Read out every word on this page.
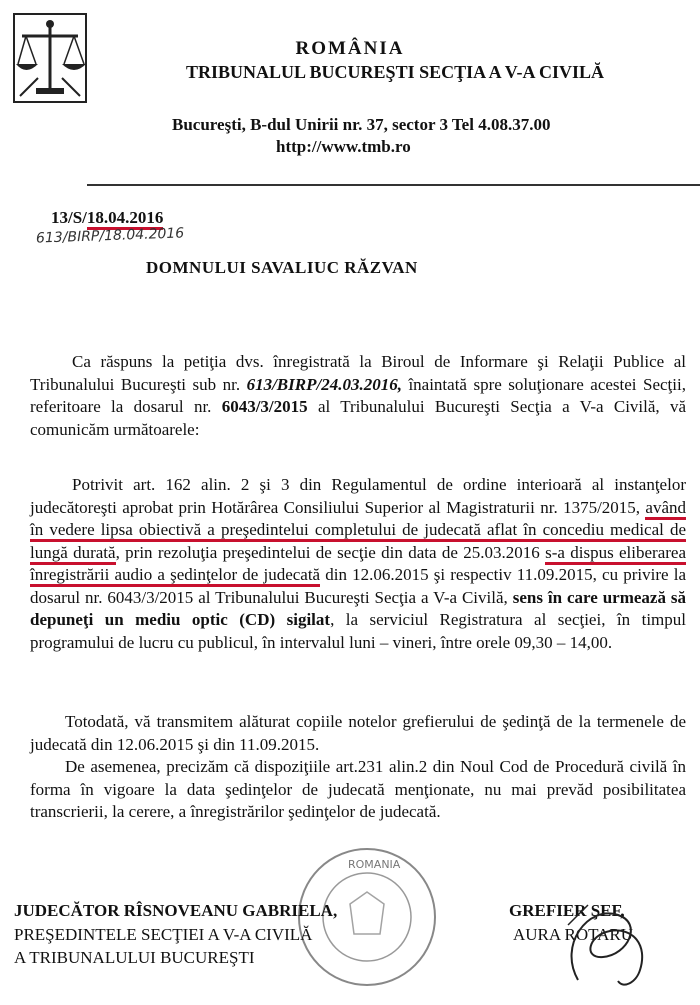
ROMÂNIA
TRIBUNALUL BUCUREŞTI SECŢIA A V-A CIVILĂ
Bucureşti, B-dul Unirii nr. 37, sector 3 Tel 4.08.37.00
http://www.tmb.ro
13/S/18.04.2016
613/BIRP/18.04.2016
DOMNULUI SAVALIUC RĂZVAN
Ca răspuns la petiţia dvs. înregistrată la Biroul de Informare şi Relaţii Publice al Tribunalului Bucureşti sub nr. 613/BIRP/24.03.2016, înaintată spre soluţionare acestei Secţii, referitoare la dosarul nr. 6043/3/2015 al Tribunalului Bucureşti Secţia a V-a Civilă, vă comunicăm următoarele:
Potrivit art. 162 alin. 2 şi 3 din Regulamentul de ordine interioară al instanţelor judecătoreşti aprobat prin Hotărârea Consiliului Superior al Magistraturii nr. 1375/2015, având în vedere lipsa obiectivă a preşedintelui completului de judecată aflat în concediu medical de lungă durată, prin rezoluţia preşedintelui de secţie din data de 25.03.2016 s-a dispus eliberarea înregistrării audio a şedinţelor de judecată din 12.06.2015 şi respectiv 11.09.2015, cu privire la dosarul nr. 6043/3/2015 al Tribunalului Bucureşti Secţia a V-a Civilă, sens în care urmează să depuneţi un mediu optic (CD) sigilat, la serviciul Registratura al secţiei, în timpul programului de lucru cu publicul, în intervalul luni – vineri, între orele 09,30 – 14,00.
Totodată, vă transmitem alăturat copiile notelor grefierului de şedinţă de la termenele de judecată din 12.06.2015 şi din 11.09.2015.
De asemenea, precizăm că dispoziţiile art.231 alin.2 din Noul Cod de Procedură civilă în forma în vigoare la data şedinţelor de judecată menţionate, nu mai prevăd posibilitatea transcrierii, la cerere, a înregistrărilor şedinţelor de judecată.
ROMANIA
JUDECĂTOR RÎSNOVEANU GABRIELA,
PREŞEDINTELE SECŢIEI A V-A CIVILĂ
A TRIBUNALULUI BUCUREŞTI
GREFIER ŞEF,
AURA ROTARU
